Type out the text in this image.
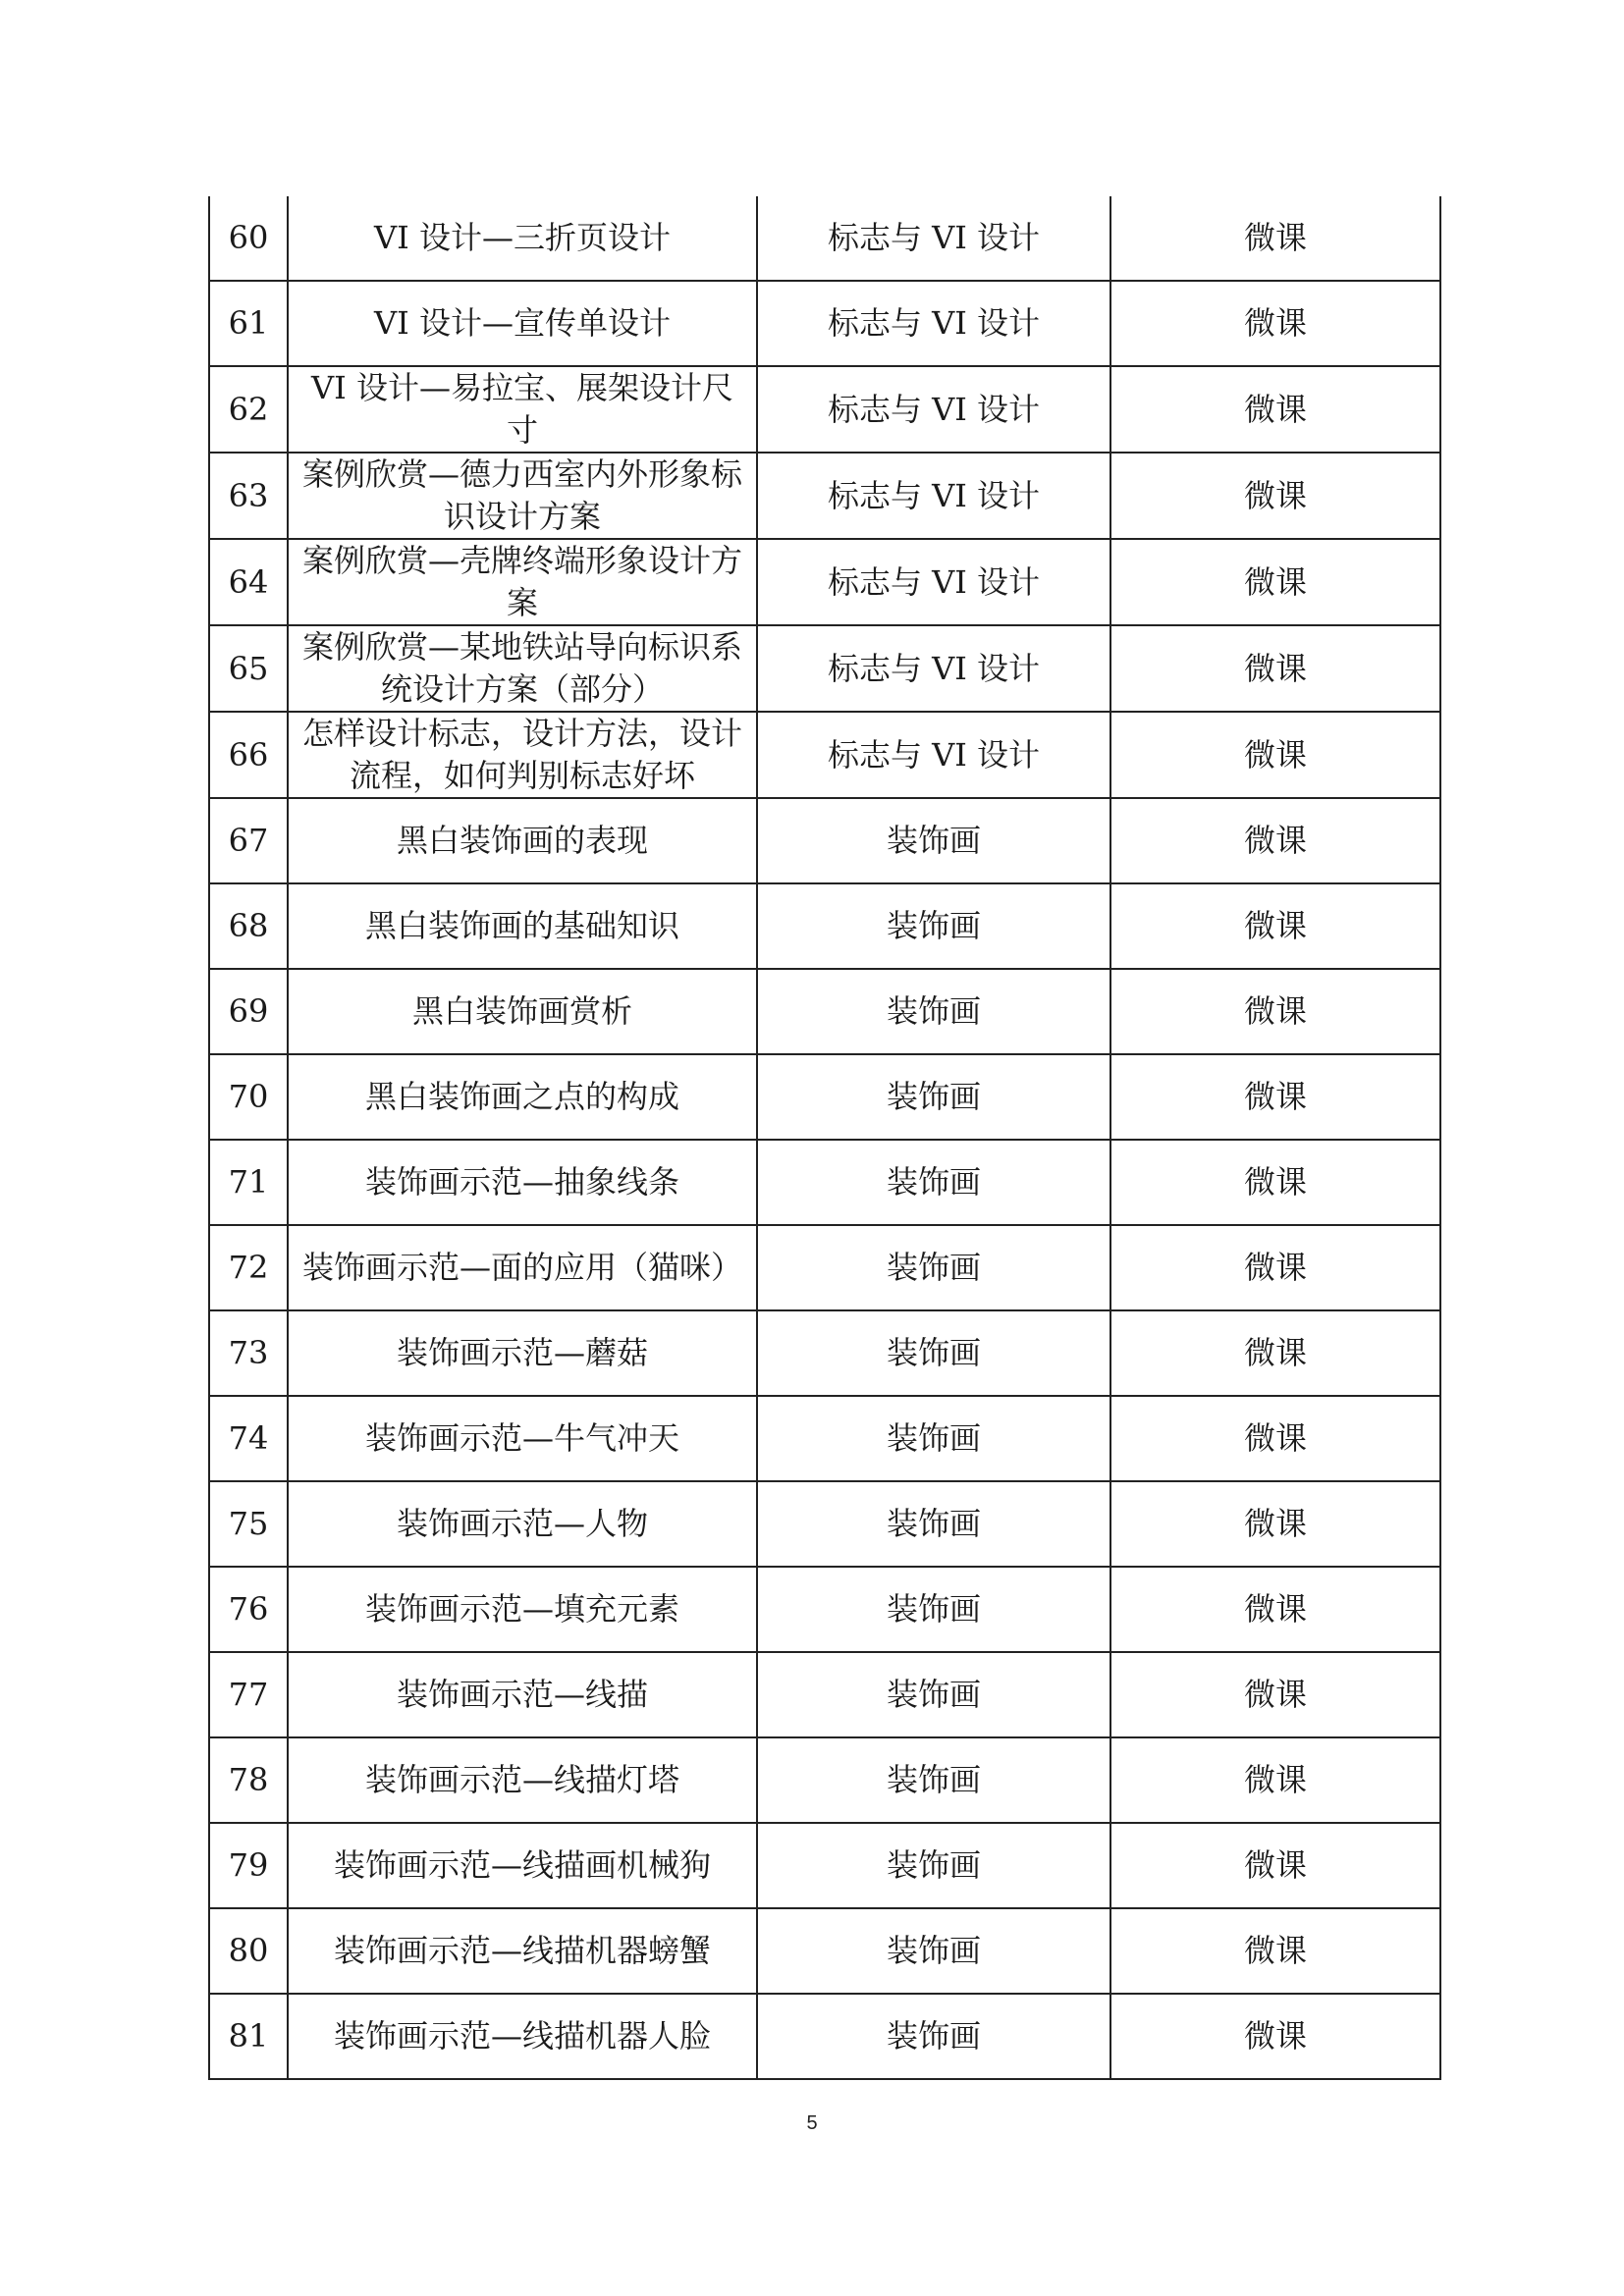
60	VI 设计—三折页设计	标志与 VI 设计	微课
61	VI 设计—宣传单设计	标志与 VI 设计	微课
62	VI 设计—易拉宝、展架设计尺寸	标志与 VI 设计	微课
63	案例欣赏—德力西室内外形象标识设计方案	标志与 VI 设计	微课
64	案例欣赏—壳牌终端形象设计方案	标志与 VI 设计	微课
65	案例欣赏—某地铁站导向标识系统设计方案（部分）	标志与 VI 设计	微课
66	怎样设计标志，设计方法，设计流程，如何判别标志好坏	标志与 VI 设计	微课
67	黑白装饰画的表现	装饰画	微课
68	黑白装饰画的基础知识	装饰画	微课
69	黑白装饰画赏析	装饰画	微课
70	黑白装饰画之点的构成	装饰画	微课
71	装饰画示范—抽象线条	装饰画	微课
72	装饰画示范—面的应用（猫咪）	装饰画	微课
73	装饰画示范—蘑菇	装饰画	微课
74	装饰画示范—牛气冲天	装饰画	微课
75	装饰画示范—人物	装饰画	微课
76	装饰画示范—填充元素	装饰画	微课
77	装饰画示范—线描	装饰画	微课
78	装饰画示范—线描灯塔	装饰画	微课
79	装饰画示范—线描画机械狗	装饰画	微课
80	装饰画示范—线描机器螃蟹	装饰画	微课
81	装饰画示范—线描机器人脸	装饰画	微课
5
